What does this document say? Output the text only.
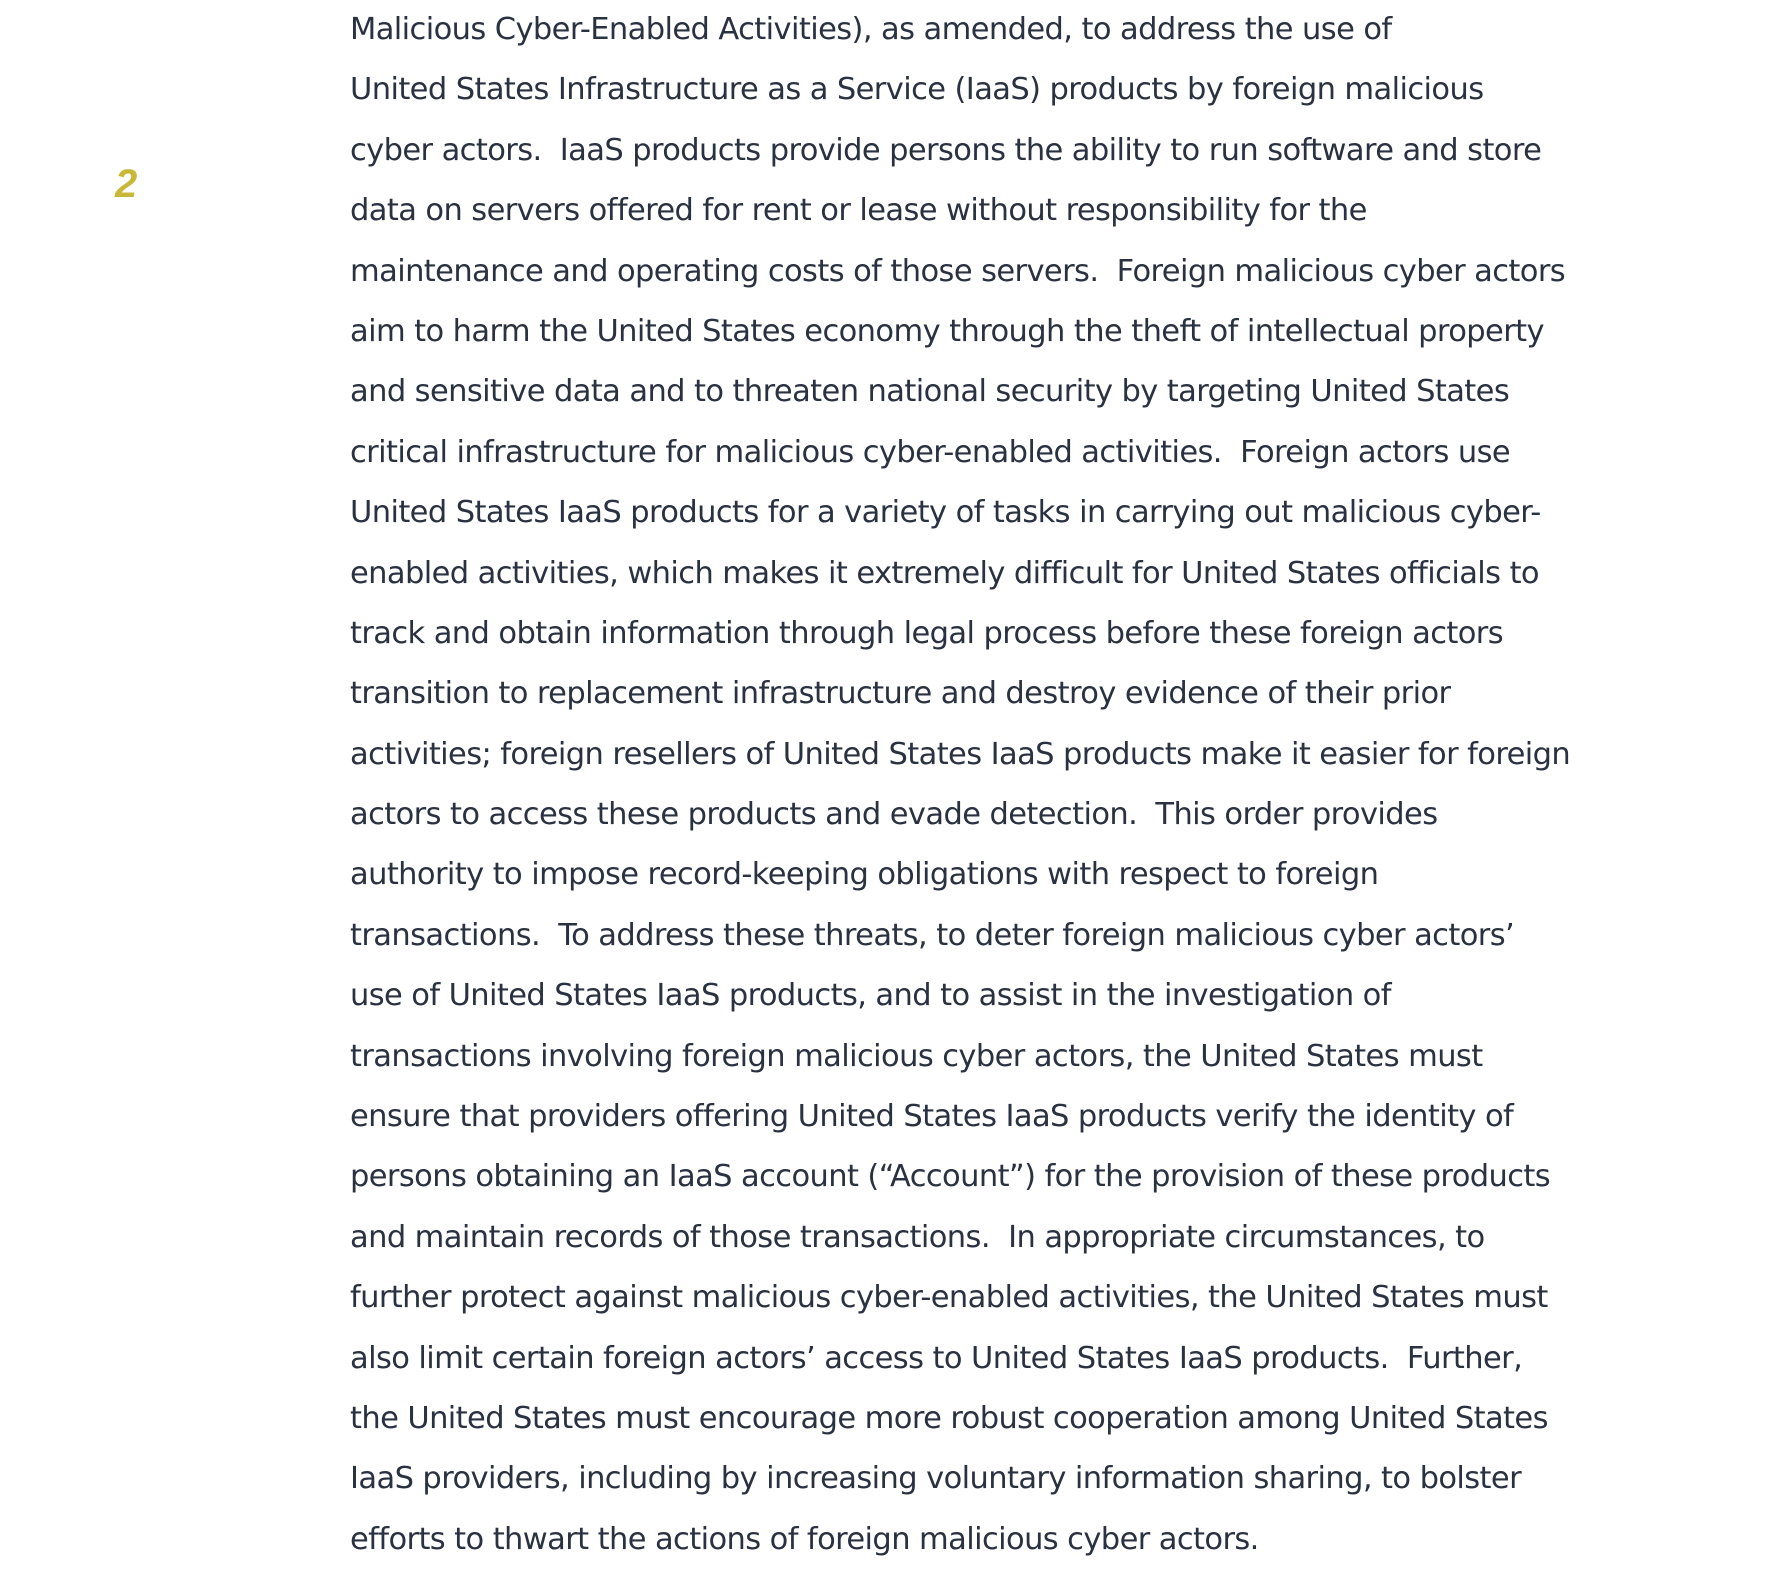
2
Malicious Cyber-Enabled Activities), as amended, to address the use of
United States Infrastructure as a Service (IaaS) products by foreign malicious
cyber actors.  IaaS products provide persons the ability to run software and store
data on servers offered for rent or lease without responsibility for the
maintenance and operating costs of those servers.  Foreign malicious cyber actors
aim to harm the United States economy through the theft of intellectual property
and sensitive data and to threaten national security by targeting United States
critical infrastructure for malicious cyber-enabled activities.  Foreign actors use
United States IaaS products for a variety of tasks in carrying out malicious cyber-
enabled activities, which makes it extremely difficult for United States officials to
track and obtain information through legal process before these foreign actors
transition to replacement infrastructure and destroy evidence of their prior
activities; foreign resellers of United States IaaS products make it easier for foreign
actors to access these products and evade detection.  This order provides
authority to impose record-keeping obligations with respect to foreign
transactions.  To address these threats, to deter foreign malicious cyber actors’
use of United States IaaS products, and to assist in the investigation of
transactions involving foreign malicious cyber actors, the United States must
ensure that providers offering United States IaaS products verify the identity of
persons obtaining an IaaS account (“Account”) for the provision of these products
and maintain records of those transactions.  In appropriate circumstances, to
further protect against malicious cyber-enabled activities, the United States must
also limit certain foreign actors’ access to United States IaaS products.  Further,
the United States must encourage more robust cooperation among United States
IaaS providers, including by increasing voluntary information sharing, to bolster
efforts to thwart the actions of foreign malicious cyber actors.
